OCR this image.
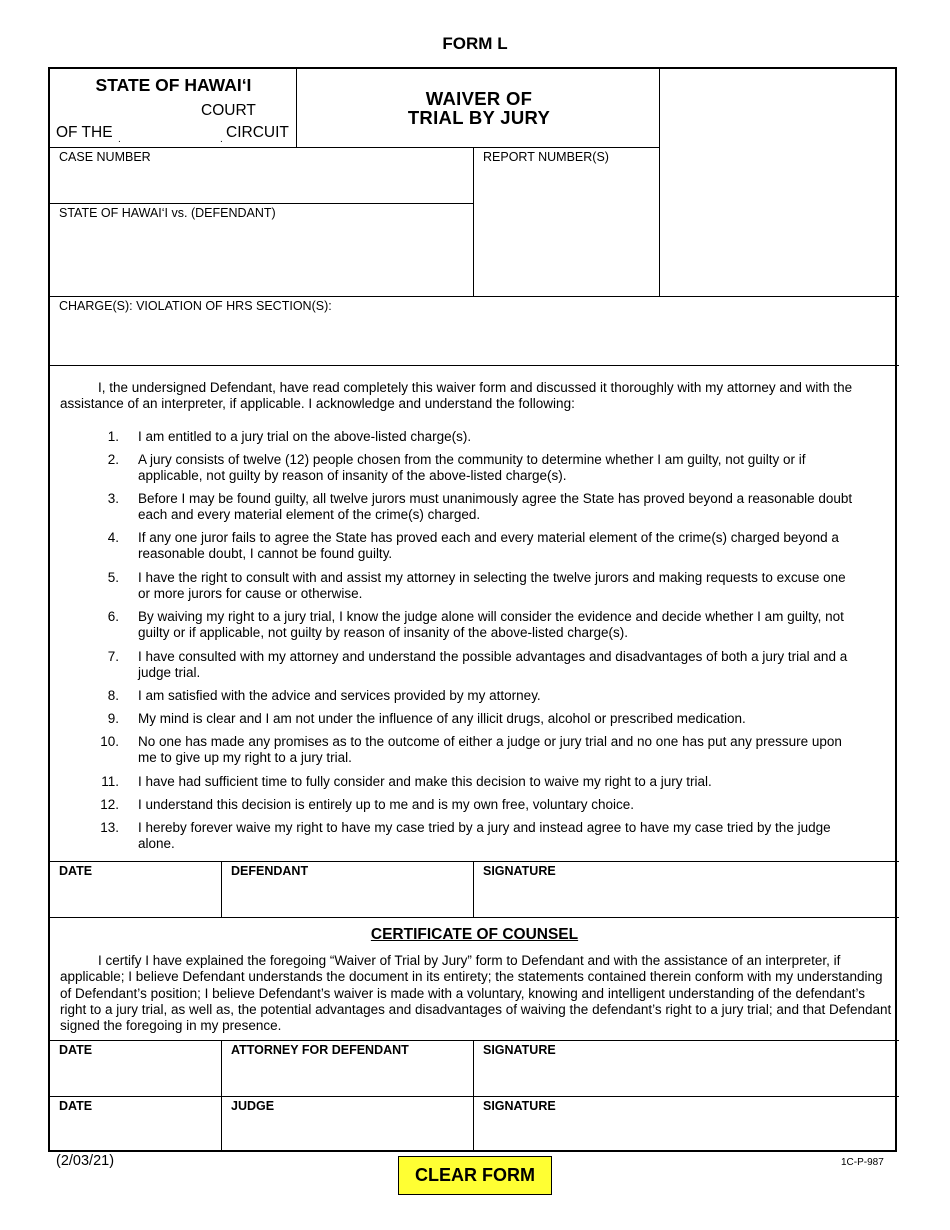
FORM L
STATE OF HAWAI‘I
COURT
OF THE .	. CIRCUIT
WAIVER OF
TRIAL BY JURY
CASE NUMBER	REPORT NUMBER(S)
STATE OF HAWAI‘I vs. (DEFENDANT)
CHARGE(S): VIOLATION OF HRS SECTION(S):
I, the undersigned Defendant, have read completely this waiver form and discussed it thoroughly with my attorney and with the assistance of an interpreter, if applicable. I acknowledge and understand the following:
1. I am entitled to a jury trial on the above-listed charge(s).
2. A jury consists of twelve (12) people chosen from the community to determine whether I am guilty, not guilty or if applicable, not guilty by reason of insanity of the above-listed charge(s).
3. Before I may be found guilty, all twelve jurors must unanimously agree the State has proved beyond a reasonable doubt each and every material element of the crime(s) charged.
4. If any one juror fails to agree the State has proved each and every material element of the crime(s) charged beyond a reasonable doubt, I cannot be found guilty.
5. I have the right to consult with and assist my attorney in selecting the twelve jurors and making requests to excuse one or more jurors for cause or otherwise.
6. By waiving my right to a jury trial, I know the judge alone will consider the evidence and decide whether I am guilty, not guilty or if applicable, not guilty by reason of insanity of the above-listed charge(s).
7. I have consulted with my attorney and understand the possible advantages and disadvantages of both a jury trial and a judge trial.
8. I am satisfied with the advice and services provided by my attorney.
9. My mind is clear and I am not under the influence of any illicit drugs, alcohol or prescribed medication.
10. No one has made any promises as to the outcome of either a judge or jury trial and no one has put any pressure upon me to give up my right to a jury trial.
11. I have had sufficient time to fully consider and make this decision to waive my right to a jury trial.
12. I understand this decision is entirely up to me and is my own free, voluntary choice.
13. I hereby forever waive my right to have my case tried by a jury and instead agree to have my case tried by the judge alone.
DATE	DEFENDANT	SIGNATURE
CERTIFICATE OF COUNSEL
I certify I have explained the foregoing “Waiver of Trial by Jury” form to Defendant and with the assistance of an interpreter, if applicable; I believe Defendant understands the document in its entirety; the statements contained therein conform with my understanding of Defendant’s position; I believe Defendant’s waiver is made with a voluntary, knowing and intelligent understanding of the defendant’s right to a jury trial, as well as, the potential advantages and disadvantages of waiving the defendant’s right to a jury trial; and that Defendant signed the foregoing in my presence.
DATE	ATTORNEY FOR DEFENDANT	SIGNATURE
DATE	JUDGE	SIGNATURE
(2/03/21)
CLEAR FORM
1C-P-987
